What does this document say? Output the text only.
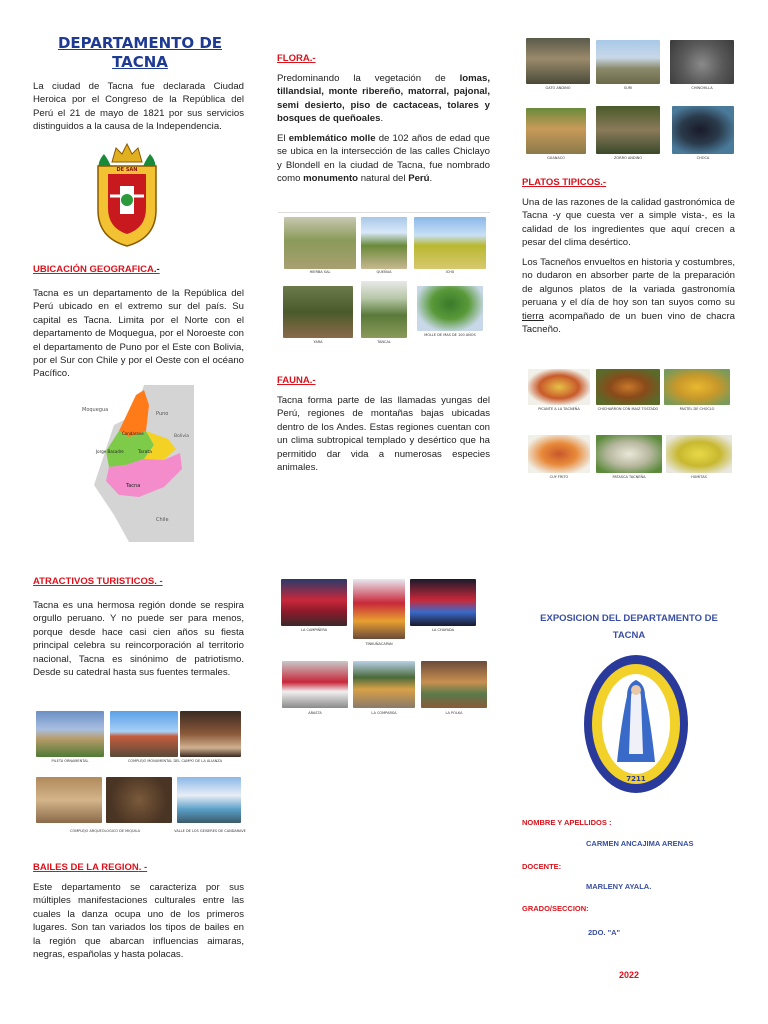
DEPARTAMENTO DE TACNA
La ciudad de Tacna fue declarada Ciudad Heroica por el Congreso de la República del Perú el 21 de mayo de 1821 por sus servicios distinguidos a la causa de la Independencia.
DE SAN
UBICACIÓN GEOGRAFICA.-
Tacna es un departamento de la República del Perú ubicado en el extremo sur del país. Su capital es Tacna. Limita por el Norte con el departamento de Moquegua, por el Noroeste con el departamento de Puno por el Este con Bolivia, por el Sur con Chile y por el Oeste con el océano Pacífico.
Moquegua
Puno
Candarave
Jorge Basadre	Tarata
Tacna
Bolivia
Chile
ATRACTIVOS TURISTICOS. -
Tacna es una hermosa región donde se respira orgullo peruano. Y no puede ser para menos, porque desde hace casi cien años su fiesta principal celebra su reincorporación al territorio nacional, Tacna es sinónimo de patriotismo. Desde su catedral hasta sus fuentes termales.
PILETA ORNAMENTAL	COMPLEJO MONUMENTAL DEL CAMPO DE LA ALIANZA
COMPLEJO ARQUEOLOGICO DE MIQUILA	VALLE DE LOS GEISERES DE CANDARAVE
BAILES DE LA REGION. -
Este departamento se caracteriza por sus múltiples manifestaciones culturales entre las cuales la danza ocupa uno de los primeros lugares. Son tan variados los tipos de bailes en la región que abarcan influencias aimaras, negras, españolas y hasta polacas.
FLORA.-
Predominando la vegetación de lomas, tillandsial, monte ribereño, matorral, pajonal, semi desierto, piso de cactaceas, tolares y bosques de queñoales.
El emblemático molle de 102 años de edad que se ubica en la intersección de las calles Chiclayo y Blondell en la ciudad de Tacna, fue nombrado como monumento natural del Perú.
HIERBA SAL	QUEÑUA	ICHU
YARA	TANCAL
MOLLE DE MAS DE 100 AÑOS
FAUNA.-
Tacna forma parte de las llamadas yungas del Perú, regiones de montañas bajas ubicadas dentro de los Andes. Estas regiones cuentan con un clima subtropical templado y desértico que ha permitido dar vida a numerosas especies animales.
LA CAMPIÑERA
TINKUÑACAPAN
LA CHAYADA
ARASTA	LA COMPARSA	LA POLKA
GATO ANDINO	SURI	CHINCHILLA
GUANACO	ZORRO ANDINO	CHOCA
PLATOS TIPICOS.-
Una de las razones de la calidad gastronómica de Tacna -y que cuesta ver a simple vista-, es la calidad de los ingredientes que aquí crecen a pesar del clima desértico.
Los Tacneños envueltos en historia y costumbres, no dudaron en absorber parte de la preparación de algunos platos de la variada gastronomía peruana y el día de hoy son tan suyos como su tierra acompañado de un buen vino de chacra Tacneño.
PICANTE A LA TACNEÑA	CHICHARRON CON MAIZ TOSTADO	PASTEL DE CHOCLO
CUY FRITO	PATASCA TACNEÑA	HUMITAS
EXPOSICION DEL DEPARTAMENTO DE TACNA
7211
NOMBRE Y APELLIDOS :
CARMEN ANCAJIMA ARENAS
DOCENTE:
MARLENY AYALA.
GRADO/SECCION:
2DO. "A"
2022
